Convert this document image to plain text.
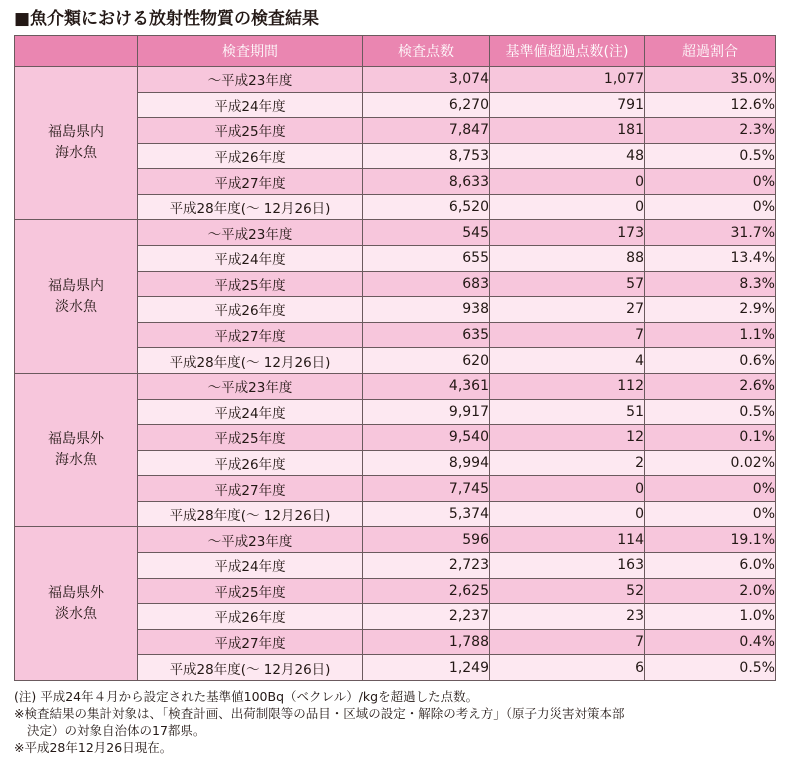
■魚介類における放射性物質の検査結果
	検査期間	検査点数	基準値超過点数(注)	超過割合

福島県内
海水魚	〜平成23年度	3,074	1,077	35.0%
	平成24年度	6,270	791	12.6%
	平成25年度	7,847	181	2.3%
	平成26年度	8,753	48	0.5%
	平成27年度	8,633	0	0%
	平成28年度(〜 12月26日)	6,520	0	0%

福島県内
淡水魚	〜平成23年度	545	173	31.7%
	平成24年度	655	88	13.4%
	平成25年度	683	57	8.3%
	平成26年度	938	27	2.9%
	平成27年度	635	7	1.1%
	平成28年度(〜 12月26日)	620	4	0.6%

福島県外
海水魚	〜平成23年度	4,361	112	2.6%
	平成24年度	9,917	51	0.5%
	平成25年度	9,540	12	0.1%
	平成26年度	8,994	2	0.02%
	平成27年度	7,745	0	0%
	平成28年度(〜 12月26日)	5,374	0	0%

福島県外
淡水魚	〜平成23年度	596	114	19.1%
	平成24年度	2,723	163	6.0%
	平成25年度	2,625	52	2.0%
	平成26年度	2,237	23	1.0%
	平成27年度	1,788	7	0.4%
	平成28年度(〜 12月26日)	1,249	6	0.5%
(注) 平成24年４月から設定された基準値100Bq（ベクレル）/kgを超過した点数。
※検査結果の集計対象は、「検査計画、出荷制限等の品目・区域の設定・解除の考え方」（原子力災害対策本部
決定）の対象自治体の17都県。
※平成28年12月26日現在。
